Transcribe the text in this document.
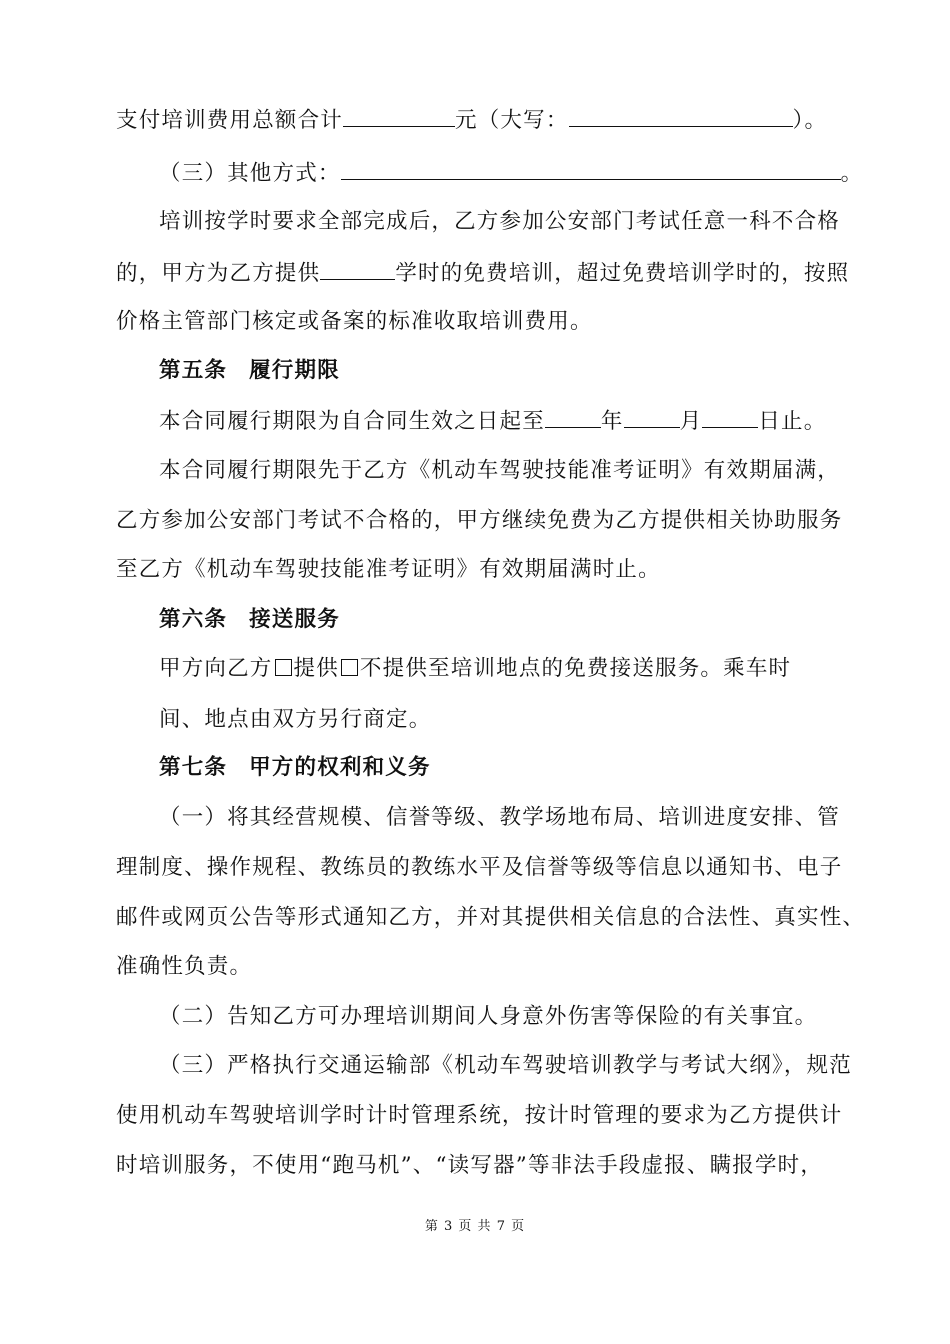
支付培训费用总额合计	元（大写：	）。
（三）其他方式：	。
培训按学时要求全部完成后，乙方参加公安部门考试任意一科不合格
的，甲方为乙方提供	学时的免费培训，超过免费培训学时的，按照
价格主管部门核定或备案的标准收取培训费用。
第五条 履行期限
本合同履行期限为自合同生效之日起至	年	月	日止。
本合同履行期限先于乙方《机动车驾驶技能准考证明》有效期届满，
乙方参加公安部门考试不合格的，甲方继续免费为乙方提供相关协助服务
至乙方《机动车驾驶技能准考证明》有效期届满时止。
第六条 接送服务
甲方向乙方 提供 不提供至培训地点的免费接送服务。乘车时
间、地点由双方另行商定。
第七条 甲方的权利和义务
（一）将其经营规模、信誉等级、教学场地布局、培训进度安排、管
理制度、操作规程、教练员的教练水平及信誉等级等信息以通知书、电子
邮件或网页公告等形式通知乙方，并对其提供相关信息的合法性、真实性、
准确性负责。
（二）告知乙方可办理培训期间人身意外伤害等保险的有关事宜。
（三）严格执行交通运输部《机动车驾驶培训教学与考试大纲》，规范
使用机动车驾驶培训学时计时管理系统，按计时管理的要求为乙方提供计
时培训服务，不使用“跑马机”、“读写器”等非法手段虚报、瞒报学时，
第 3 页 共 7 页
